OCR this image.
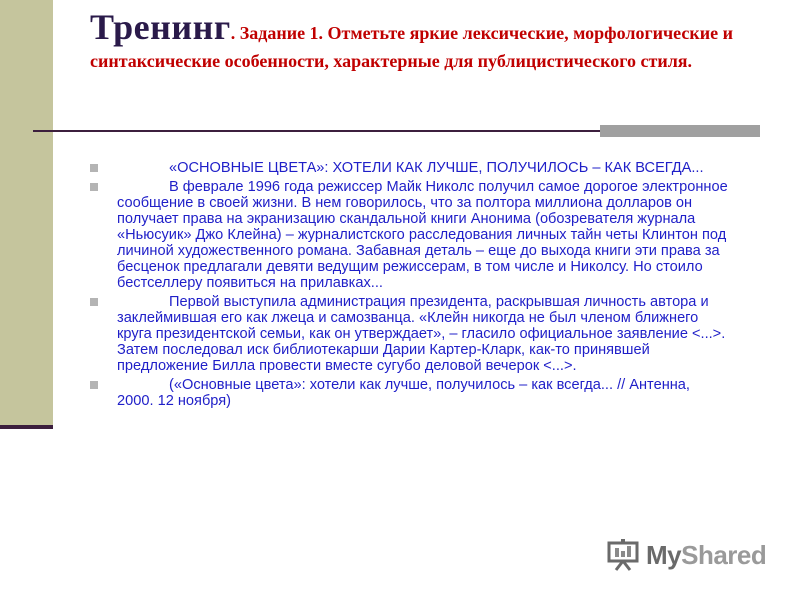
Тренинг. Задание 1. Отметьте яркие лексические, морфологические и синтаксические особенности, характерные для публицистического стиля.
«ОСНОВНЫЕ ЦВЕТА»: ХОТЕЛИ КАК ЛУЧШЕ, ПОЛУЧИЛОСЬ – КАК ВСЕГДА...
В феврале 1996 года режиссер Майк Николс получил самое дорогое электронное сообщение в своей жизни. В нем говорилось, что за полтора миллиона долларов он получает права на экранизацию скандальной книги Анонима (обозревателя журнала «Ньюсуик» Джо Клейна) – журналистского расследования личных тайн четы Клинтон под личиной художественного романа. Забавная деталь – еще до выхода книги эти права за бесценок предлагали девяти ведущим режиссерам, в том числе и Николсу. Но стоило бестселлеру появиться на прилавках...
Первой выступила администрация президента, раскрывшая личность автора и заклеймившая его как лжеца и самозванца. «Клейн никогда не был членом ближнего круга президентской семьи, как он утверждает», – гласило официальное заявление <...>. Затем последовал иск библиотекарши Дарии Картер-Кларк, как-то принявшей предложение Билла провести вместе сугубо деловой вечерок <...>.
(«Основные цвета»: хотели как лучше, получилось – как всегда... // Антенна, 2000. 12 ноября)
MyShared
